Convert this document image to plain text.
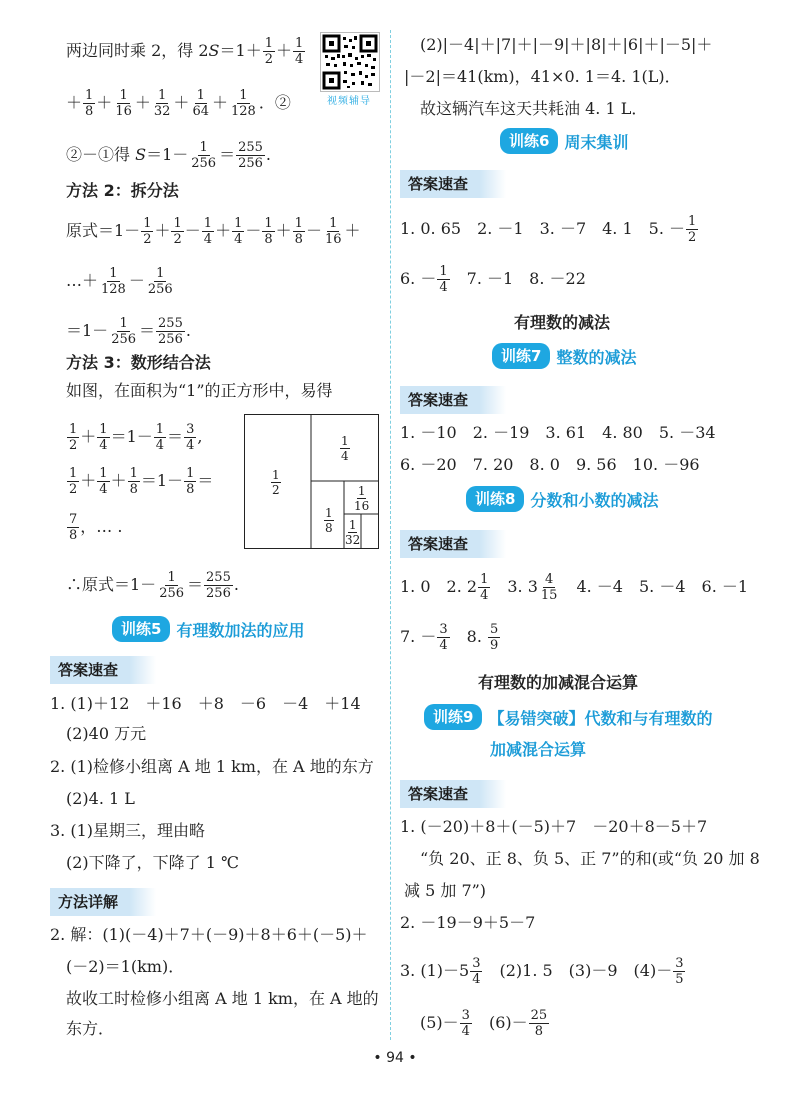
视频辅导
两边同时乘 2，得 $2S=1+ \frac{1}{2} + \frac{1}{4}$
＋ $\frac{1}{8} + \frac{1}{16} + \frac{1}{32} + \frac{1}{64} + \frac{1}{128}$ ．②
②－①得 $S=1- \frac{1}{256} = \frac{255}{256}$ .
方法 2：拆分法
原式$=1- \frac{1}{2} + \frac{1}{2} - \frac{1}{4} + \frac{1}{4} - \frac{1}{8} + \frac{1}{8} - \frac{1}{16}$ ＋
…＋ $\frac{1}{128} - \frac{1}{256}$
$=1- \frac{1}{256} = \frac{255}{256}$ .
方法 3：数形结合法
如图，在面积为“1”的正方形中，易得
$\frac{1}{2} + \frac{1}{4} =1- \frac{1}{4} = \frac{3}{4}$ ,
$\frac{1}{2} + \frac{1}{4} + \frac{1}{8} =1- \frac{1}{8}$ ＝
$\frac{7}{8}$ ，… .
1
2
1
4
1
8
1
16
1
32
∴原式$=1- \frac{1}{256} = \frac{255}{256}$ .
训练5 有理数加法的应用
答案速查
1. (1)＋12　＋16　＋8　－6　－4　＋14
(2)40 万元
2. (1)检修小组离 A 地 1 km，在 A 地的东方
(2)4. 1 L
3. (1)星期三，理由略
(2)下降了，下降了 1 ℃
方法详解
2. 解：(1)(－4)＋7＋(－9)＋8＋6＋(－5)＋
(－2)＝1(km)．
故收工时检修小组离 A 地 1 km，在 A 地的
东方．
(2)|－4|＋|7|＋|－9|＋|8|＋|6|＋|－5|＋
|－2|＝41(km)，41×0. 1＝4. 1(L)．
故这辆汽车这天共耗油 4. 1 L．
训练6 周末集训
答案速查
1. 0. 65　2. －1　3. －7　4. 1　5. － $\frac{1}{2}$
6. － $\frac{1}{4}$ 　7. －1　8. －22
有理数的减法
训练7 整数的减法
答案速查
1. －10　2. －19　3. 61　4. 80　5. －34
6. －20　7. 20　8. 0　9. 56　10. －96
训练8 分数和小数的减法
答案速查
1. 0　2. $2 \frac{1}{4}$ 　3. $3 \frac{4}{15}$ 　4. －4　5. －4　6. －1
7. － $\frac{3}{4}$ 　8. $\frac{5}{9}$
有理数的加减混合运算
训练9 【易错突破】代数和与有理数的
加减混合运算
答案速查
1. (－20)＋8＋(－5)＋7　－20＋8－5＋7
“负 20、正 8、负 5、正 7”的和(或“负 20 加 8
减 5 加 7”)
2. －19－9＋5－7
3. $(1)-5 \frac{3}{4}$ 　(2)1. 5　(3)－9　$(4)- \frac{3}{5}$
$(5)- \frac{3}{4}$ 　$(6)- \frac{25}{8}$
• 94 •
